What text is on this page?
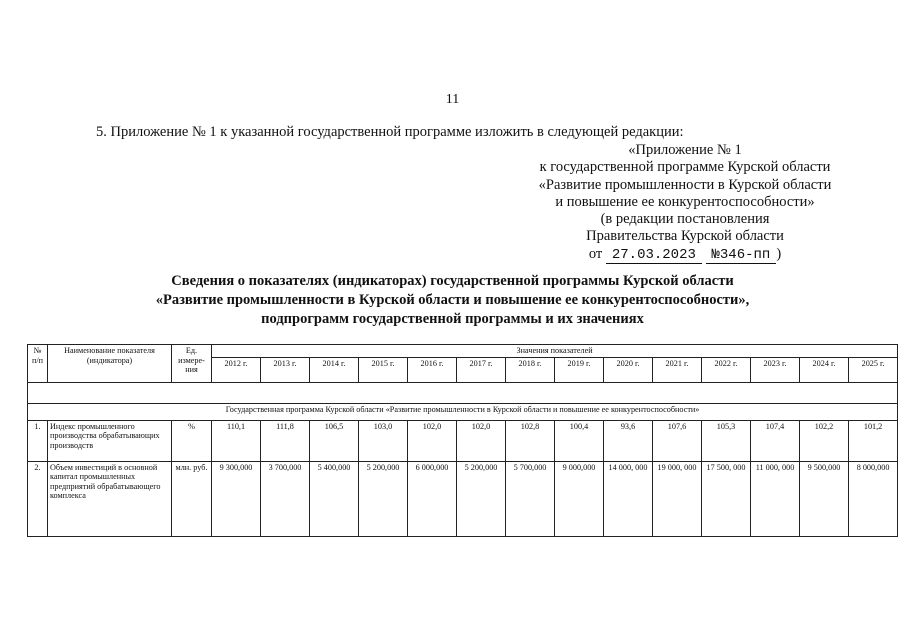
11
5. Приложение № 1 к указанной государственной программе изложить в следующей редакции:
«Приложение № 1
к государственной программе Курской области
«Развитие промышленности в Курской области
и повышение ее конкурентоспособности»
(в редакции постановления
Правительства Курской области
от 27.03.2023 №346-пп )
Сведения о показателях (индикаторах) государственной программы Курской области
«Развитие промышленности в Курской области и повышение ее конкурентоспособности»,
подпрограмм государственной программы и их значениях
№ п/п	Наименование показателя (индикатора)	Ед. измере-ния	Значения показателей													
			2012 г.	2013 г.	2014 г.	2015 г.	2016 г.	2017 г.	2018 г.	2019 г.	2020 г.	2021 г.	2022 г.	2023 г.	2024 г.	2025 г.

Государственная программа Курской области «Развитие промышленности в Курской области и повышение ее конкурентоспособности»																
1.	Индекс промышленного производства обрабатывающих производств	%	110,1	111,8	106,5	103,0	102,0	102,0	102,8	100,4	93,6	107,6	105,3	107,4	102,2	101,2
2.	Объем инвестиций в основной капитал промышленных предприятий обрабатывающего комплекса	млн. руб.	9 300,000	3 700,000	5 400,000	5 200,000	6 000,000	5 200,000	5 700,000	9 000,000	14 000, 000	19 000, 000	17 500, 000	11 000, 000	9 500,000	8 000,000
